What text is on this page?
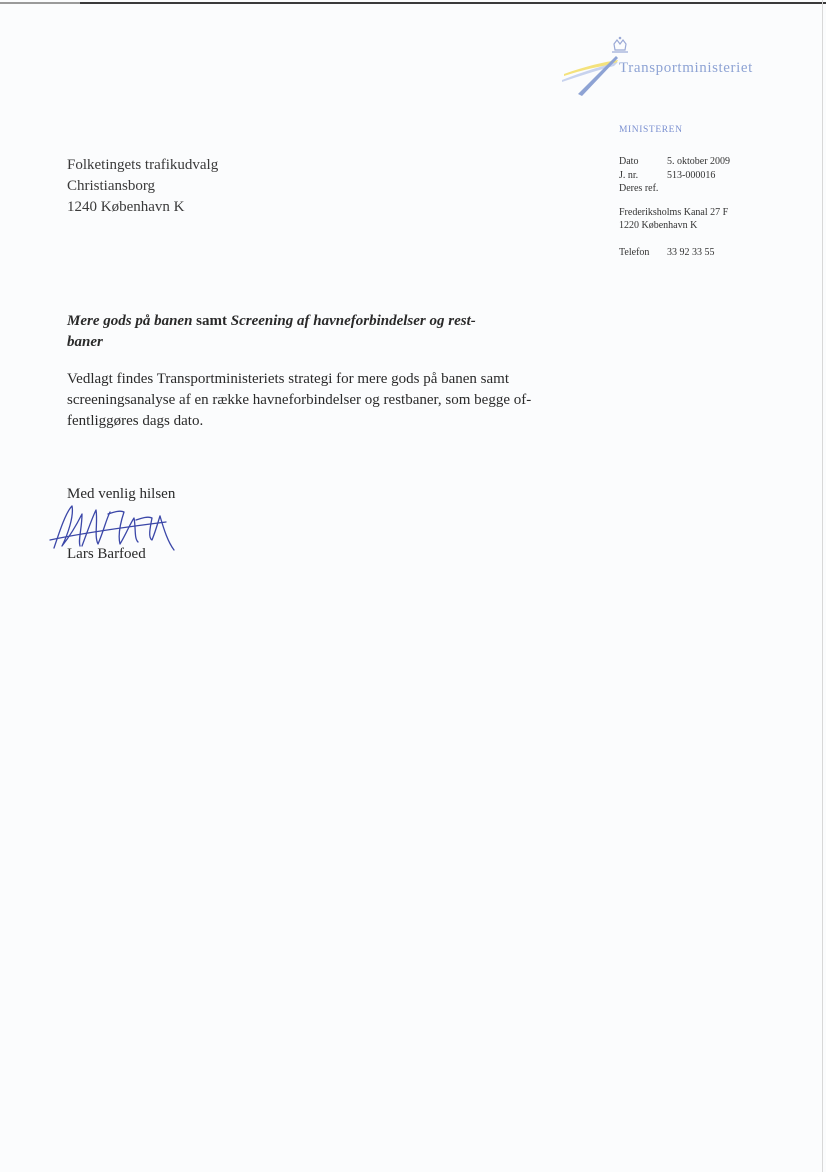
Transportministeriet
MINISTEREN
Dato	5. oktober 2009
J. nr.	513-000016
Deres ref.
Frederiksholms Kanal 27 F
1220 København K
Telefon 33 92 33 55
Folketingets trafikudvalg
Christiansborg
1240 København K
Mere gods på banen samt Screening af havneforbindelser og rest-
baner
Vedlagt findes Transportministeriets strategi for mere gods på banen samt
screeningsanalyse af en række havneforbindelser og restbaner, som begge of-
fentliggøres dags dato.
Med venlig hilsen
Lars Barfoed
